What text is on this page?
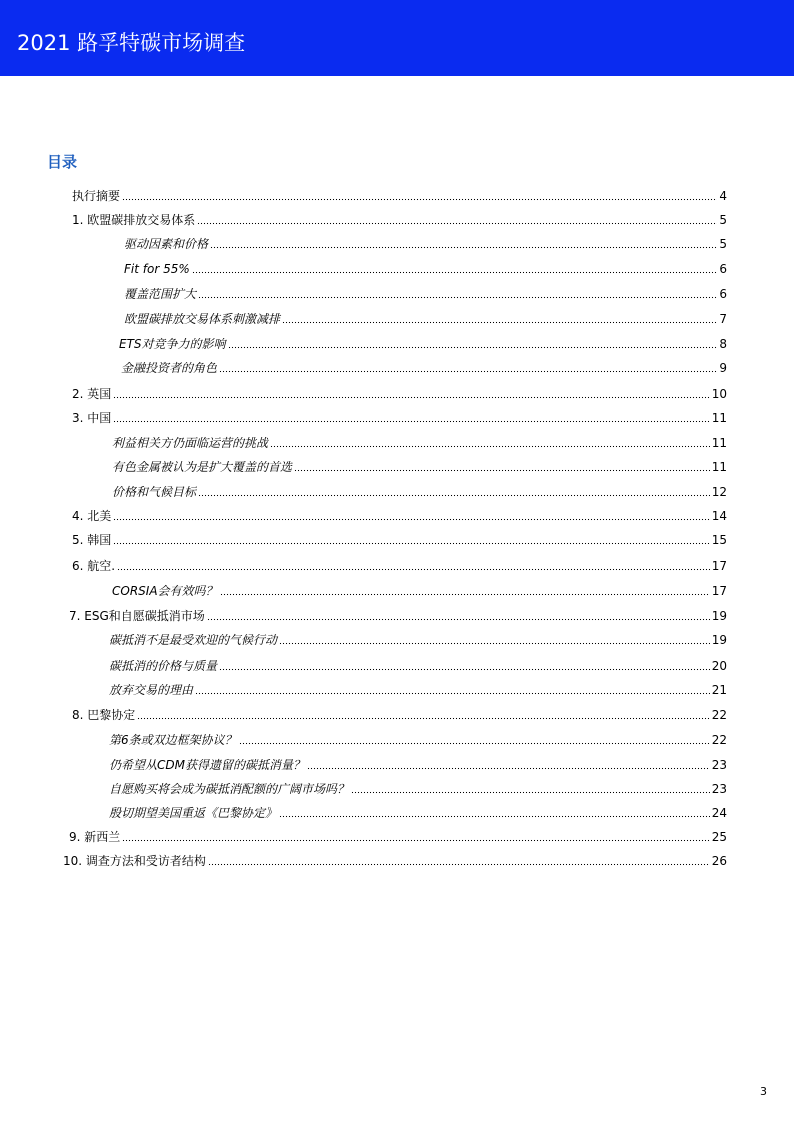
2021 路孚特碳市场调查
目录
执行摘要	4
1. 欧盟碳排放交易体系	5
驱动因素和价格	5
Fit for 55%	6
覆盖范围扩大	6
欧盟碳排放交易体系刺激减排	7
ETS对竞争力的影响	8
金融投资者的角色	9
2. 英国	10
3. 中国	11
利益相关方仍面临运营的挑战	11
有色金属被认为是扩大覆盖的首选	11
价格和气候目标	12
4. 北美	14
5. 韩国	15
6. 航空.	17
CORSIA会有效吗？	17
7. ESG和自愿碳抵消市场	19
碳抵消不是最受欢迎的气候行动	19
碳抵消的价格与质量	20
放弃交易的理由	21
8. 巴黎协定	22
第6条或双边框架协议？	22
仍希望从CDM获得遗留的碳抵消量？	23
自愿购买将会成为碳抵消配额的广阔市场吗？	23
殷切期望美国重返《巴黎协定》	24
9. 新西兰	25
10. 调查方法和受访者结构	26
3
